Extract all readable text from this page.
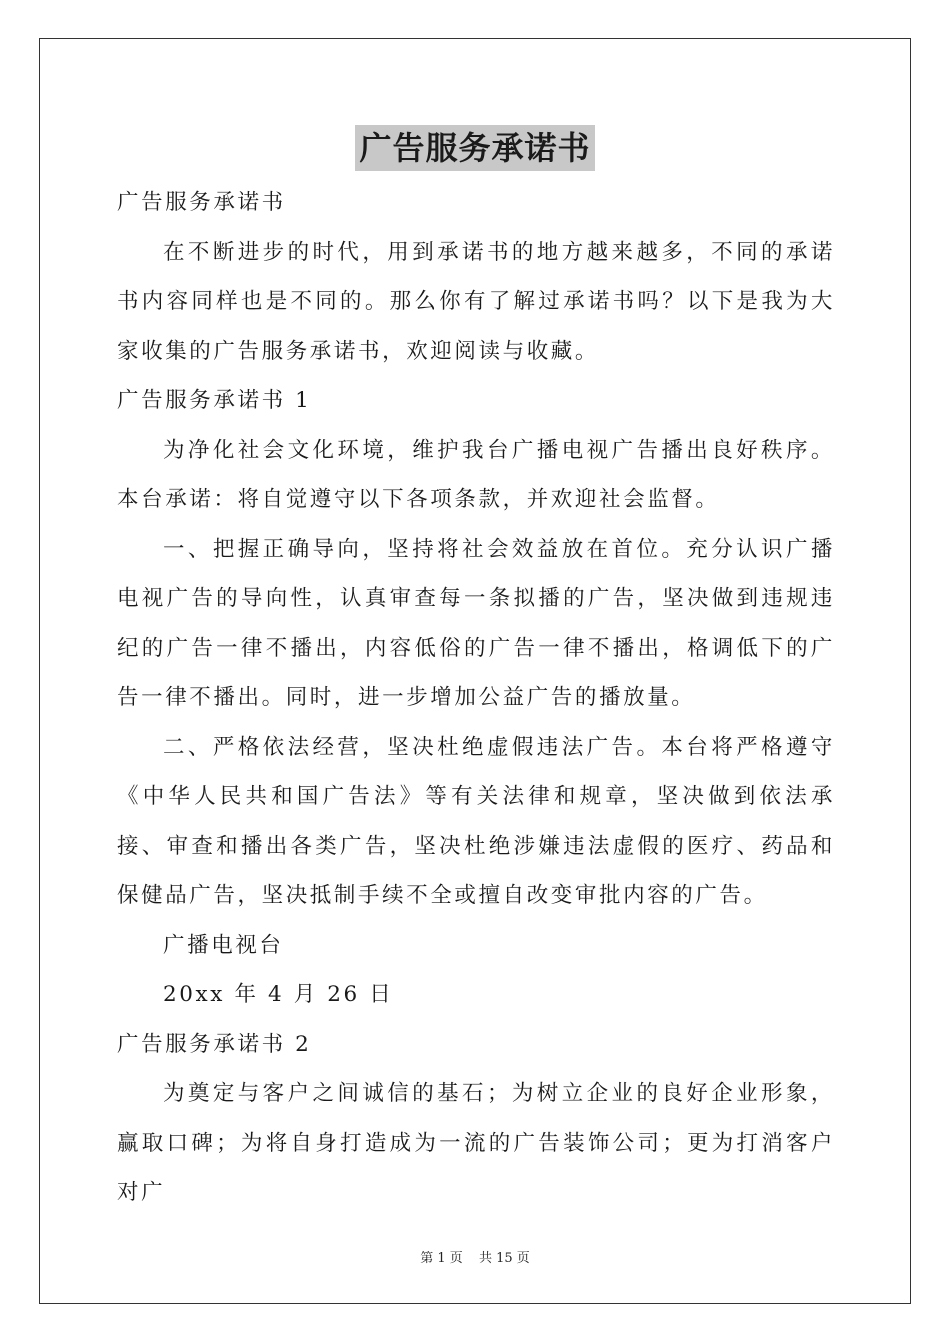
广告服务承诺书

广告服务承诺书

在不断进步的时代，用到承诺书的地方越来越多，不同的承诺书内容同样也是不同的。那么你有了解过承诺书吗？以下是我为大家收集的广告服务承诺书，欢迎阅读与收藏。

广告服务承诺书 1

为净化社会文化环境，维护我台广播电视广告播出良好秩序。本台承诺：将自觉遵守以下各项条款，并欢迎社会监督。

一、把握正确导向，坚持将社会效益放在首位。充分认识广播电视广告的导向性，认真审查每一条拟播的广告，坚决做到违规违纪的广告一律不播出，内容低俗的广告一律不播出，格调低下的广告一律不播出。同时，进一步增加公益广告的播放量。

二、严格依法经营，坚决杜绝虚假违法广告。本台将严格遵守《中华人民共和国广告法》等有关法律和规章，坚决做到依法承接、审查和播出各类广告，坚决杜绝涉嫌违法虚假的医疗、药品和保健品广告，坚决抵制手续不全或擅自改变审批内容的广告。

广播电视台

20xx 年 4 月 26 日

广告服务承诺书 2

为奠定与客户之间诚信的基石；为树立企业的良好企业形象，赢取口碑；为将自身打造成为一流的广告装饰公司；更为打消客户对广

第 1 页 共 15 页
